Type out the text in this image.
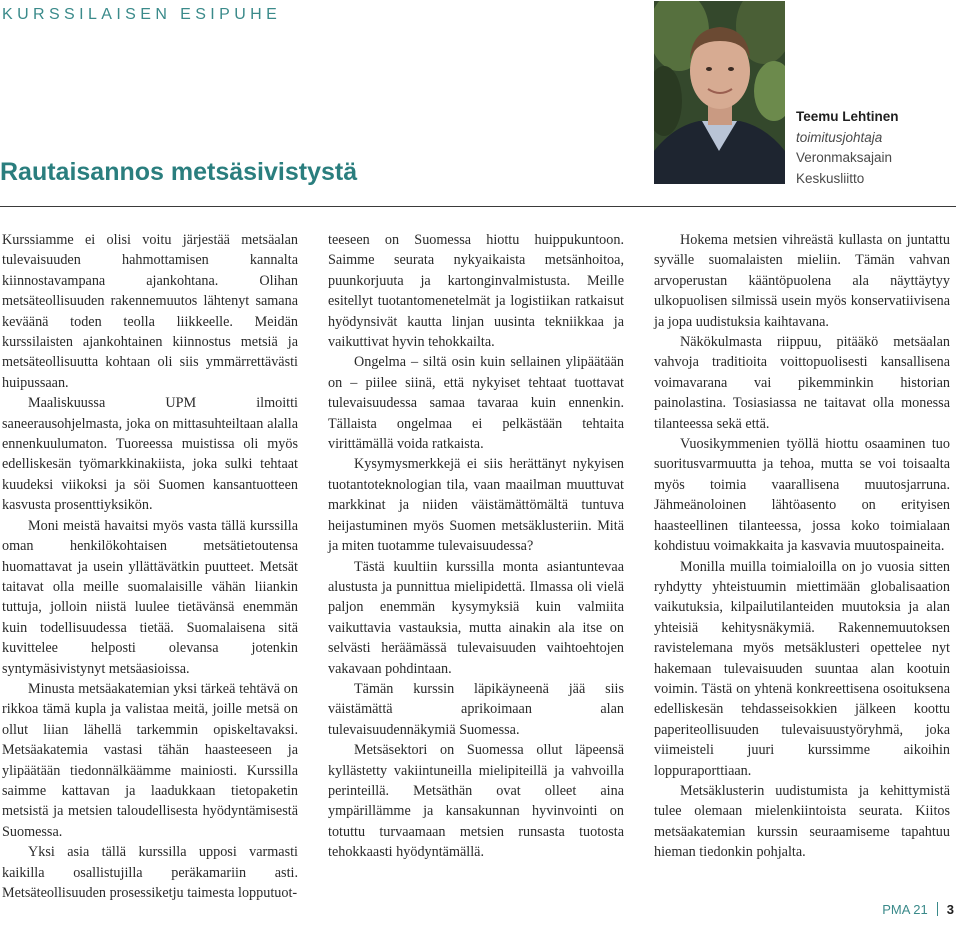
KURSSILAISEN ESIPUHE
Rautaisannos metsäsivistystä
Teemu Lehtinen
toimitusjohtaja
Veronmaksajain
Keskusliitto

Kurssiamme ei olisi voitu järjestää metsäalan tulevaisuuden hahmottamisen kannalta kiinnostavampana ajankohtana. Olihan metsäteollisuuden rakennemuutos lähtenyt samana keväänä toden teolla liikkeelle. Meidän kurssilaisten ajankohtainen kiinnostus metsiä ja metsäteollisuutta kohtaan oli siis ymmärrettävästi huipussaan.

Maaliskuussa UPM ilmoitti saneerausohjelmasta, joka on mittasuhteiltaan alalla ennenkuulumaton. Tuoreessa muistissa oli myös edelliskesän työmarkkinakiista, joka sulki tehtaat kuudeksi viikoksi ja söi Suomen kansantuotteen kasvusta prosenttiyksikön.

Moni meistä havaitsi myös vasta tällä kurssilla oman henkilökohtaisen metsätietoutensa huomattavat ja usein yllättävätkin puutteet. Metsät taitavat olla meille suomalaisille vähän liiankin tuttuja, jolloin niistä luulee tietävänsä enemmän kuin todellisuudessa tietää. Suomalaisena sitä kuvittelee helposti olevansa jotenkin syntymäsivistynyt metsäasioissa.

Minusta metsäakatemian yksi tärkeä tehtävä on rikkoa tämä kupla ja valistaa meitä, joille metsä on ollut liian lähellä tarkemmin opiskeltavaksi. Metsäakatemia vastasi tähän haasteeseen ja ylipäätään tiedonnälkäämme mainiosti. Kurssilla saimme kattavan ja laadukkaan tietopaketin metsistä ja metsien taloudellisesta hyödyntämisestä Suomessa.

Yksi asia tällä kurssilla upposi varmasti kaikilla osallistujilla peräkamariin asti. Metsäteollisuuden prosessiketju taimesta lopputuot-

teeseen on Suomessa hiottu huippukuntoon. Saimme seurata nykyaikaista metsänhoitoa, puunkorjuuta ja kartonginvalmistusta. Meille esitellyt tuotantomenetelmät ja logistiikan ratkaisut hyödynsivät kautta linjan uusinta tekniikkaa ja vaikuttivat hyvin tehokkailta.

Ongelma – siltä osin kuin sellainen ylipäätään on – piilee siinä, että nykyiset tehtaat tuottavat tulevaisuudessa samaa tavaraa kuin ennenkin. Tällaista ongelmaa ei pelkästään tehtaita virittämällä voida ratkaista.

Kysymysmerkkejä ei siis herättänyt nykyisen tuotantoteknologian tila, vaan maailman muuttuvat markkinat ja niiden väistämättömältä tuntuva heijastuminen myös Suomen metsäklusteriin. Mitä ja miten tuotamme tulevaisuudessa?

Tästä kuultiin kurssilla monta asiantuntevaa alustusta ja punnittua mielipidettä. Ilmassa oli vielä paljon enemmän kysymyksiä kuin valmiita vaikuttavia vastauksia, mutta ainakin ala itse on selvästi heräämässä tulevaisuuden vaihtoehtojen vakavaan pohdintaan.

Tämän kurssin läpikäyneenä jää siis väistämättä aprikoimaan alan tulevaisuudennäkymiä Suomessa.

Metsäsektori on Suomessa ollut läpeensä kyllästetty vakiintuneilla mielipiteillä ja vahvoilla perinteillä. Metsäthän ovat olleet aina ympärillämme ja kansakunnan hyvinvointi on totuttu turvaamaan metsien runsasta tuotosta tehokkaasti hyödyntämällä.

Hokema metsien vihreästä kullasta on juntattu syvälle suomalaisten mieliin. Tämän vahvan arvoperustan kääntöpuolena ala näyttäytyy ulkopuolisen silmissä usein myös konservatiivisena ja jopa uudistuksia kaihtavana.

Näkökulmasta riippuu, pitääkö metsäalan vahvoja traditioita voittopuolisesti kansallisena voimavarana vai pikemminkin historian painolastina. Tosiasiassa ne taitavat olla monessa tilanteessa sekä että.

Vuosikymmenien työllä hiottu osaaminen tuo suoritusvarmuutta ja tehoa, mutta se voi toisaalta myös toimia vaarallisena muutosjarruna. Jähmeänoloinen lähtöasento on erityisen haasteellinen tilanteessa, jossa koko toimialaan kohdistuu voimakkaita ja kasvavia muutospaineita.

Monilla muilla toimialoilla on jo vuosia sitten ryhdytty yhteistuumin miettimään globalisaation vaikutuksia, kilpailutilanteiden muutoksia ja alan yhteisiä kehitysnäkymiä. Rakennemuutoksen ravistelemana myös metsäklusteri opettelee nyt hakemaan tulevaisuuden suuntaa alan kootuin voimin. Tästä on yhtenä konkreettisena osoituksena edelliskesän tehdasseisokkien jälkeen koottu paperiteollisuuden tulevaisuustyöryhmä, joka viimeisteli juuri kurssimme aikoihin loppuraporttiaan.

Metsäklusterin uudistumista ja kehittymistä tulee olemaan mielenkiintoista seurata. Kiitos metsäakatemian kurssin seuraamiseme tapahtuu hieman tiedonkin pohjalta.

PMA 21 3
